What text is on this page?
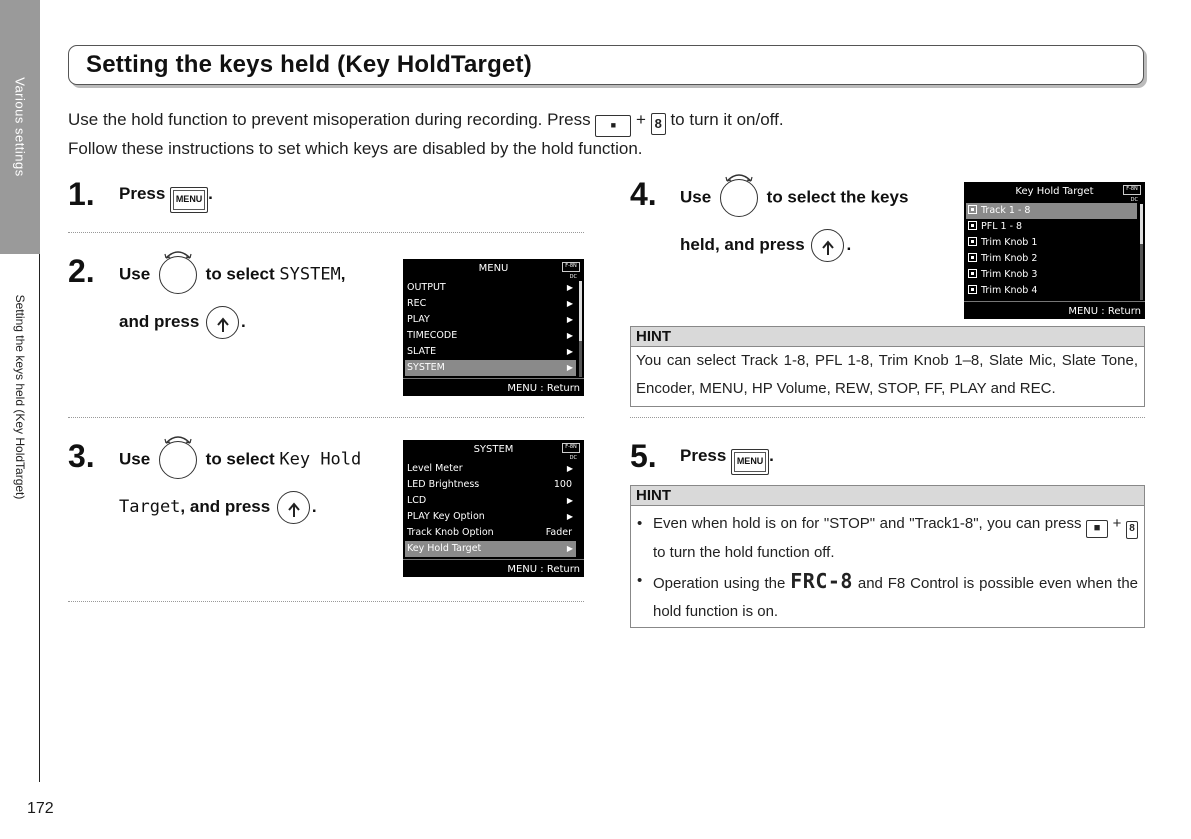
Various settings
Setting the keys held (Key HoldTarget)
172
Setting the keys held (Key HoldTarget)
Use the hold function to prevent misoperation during recording. Press ■ + 8 to turn it on/off.
Follow these instructions to set which keys are disabled by the hold function.
1. Press MENU .
2. Use	to select SYSTEM,
and press .
MENU	F-8N
DC
OUTPUT	▶
REC	▶
PLAY	▶
TIMECODE	▶
SLATE	▶
SYSTEM	▶
MENU : Return
3. Use	to select Key Hold
Target, and press .
SYSTEM	F-8N
DC
Level Meter	▶
LED Brightness	100
LCD	▶
PLAY Key Option	▶
Track Knob Option	Fader
Key Hold Target	▶
MENU : Return
4. Use	to select the keys
held, and press .
Key Hold Target	F-8N
DC
Track 1 - 8
PFL 1 - 8
Trim Knob 1
Trim Knob 2
Trim Knob 3
Trim Knob 4
MENU : Return
HINT
You can select Track 1-8, PFL 1-8, Trim Knob 1–8, Slate Mic, Slate Tone, Encoder, MENU, HP Volume, REW, STOP, FF, PLAY and REC.
5. Press MENU .
HINT
• Even when hold is on for "STOP" and "Track1-8", you can press ■ + 8 to turn the hold function off.
• Operation using the FRC-8 and F8 Control is possible even when the hold function is on.
